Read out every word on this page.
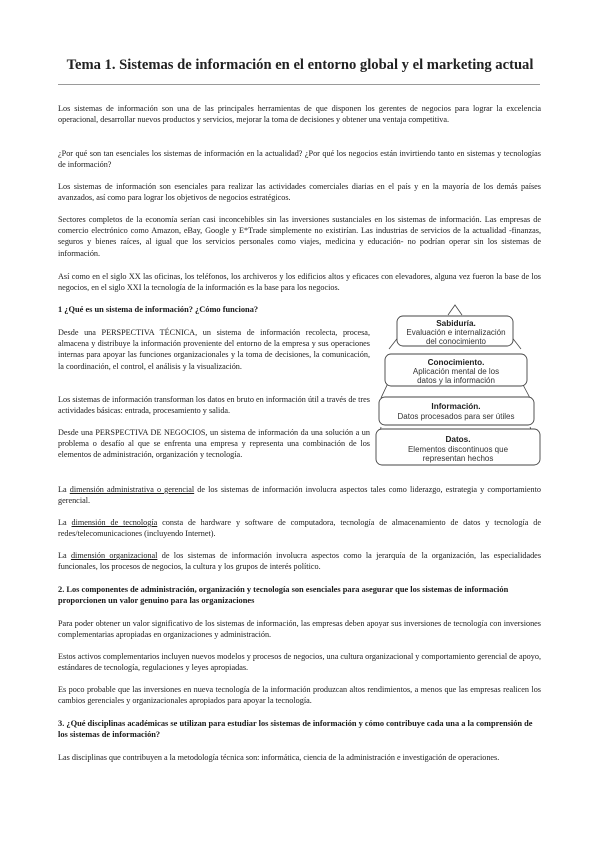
Tema 1. Sistemas de información en el entorno global y el marketing actual
Los sistemas de información son una de las principales herramientas de que disponen los gerentes de negocios para lograr la excelencia operacional, desarrollar nuevos productos y servicios, mejorar la toma de decisiones y obtener una ventaja competitiva.
¿Por qué son tan esenciales los sistemas de información en la actualidad? ¿Por qué los negocios están invirtiendo tanto en sistemas y tecnologías de información?
Los sistemas de información son esenciales para realizar las actividades comerciales diarias en el país y en la mayoría de los demás países avanzados, así como para lograr los objetivos de negocios estratégicos.
Sectores completos de la economía serían casi inconcebibles sin las inversiones sustanciales en los sistemas de información. Las empresas de comercio electrónico como Amazon, eBay, Google y E*Trade simplemente no existirían. Las industrias de servicios de la actualidad -finanzas, seguros y bienes raíces, al igual que los servicios personales como viajes, medicina y educación- no podrían operar sin los sistemas de información.
Así como en el siglo XX las oficinas, los teléfonos, los archiveros y los edificios altos y eficaces con elevadores, alguna vez fueron la base de los negocios, en el siglo XXI la tecnología de la información es la base para los negocios.
1 ¿Qué es un sistema de información? ¿Cómo funciona?
Desde una PERSPECTIVA TÉCNICA, un sistema de información recolecta, procesa, almacena y distribuye la información proveniente del entorno de la empresa y sus operaciones internas para apoyar las funciones organizacionales y la toma de decisiones, la comunicación, la coordinación, el control, el análisis y la visualización.
Los sistemas de información transforman los datos en bruto en información útil a través de tres actividades básicas: entrada, procesamiento y salida.
Desde una PERSPECTIVA DE NEGOCIOS, un sistema de información da una solución a un problema o desafío al que se enfrenta una empresa y representa una combinación de los elementos de administración, organización y tecnología.
Sabiduría.
Evaluación e internalización
del conocimiento
Conocimiento.
Aplicación mental de los
datos y la información
Información.
Datos procesados para ser útiles
Datos.
Elementos discontinuos que
representan hechos
La dimensión administrativa o gerencial de los sistemas de información involucra aspectos tales como liderazgo, estrategia y comportamiento gerencial.
La dimensión de tecnología consta de hardware y software de computadora, tecnología de almacenamiento de datos y tecnología de redes/telecomunicaciones (incluyendo Internet).
La dimensión organizacional de los sistemas de información involucra aspectos como la jerarquía de la organización, las especialidades funcionales, los procesos de negocios, la cultura y los grupos de interés político.
2. Los componentes de administración, organización y tecnología son esenciales para asegurar que los sistemas de información proporcionen un valor genuino para las organizaciones
Para poder obtener un valor significativo de los sistemas de información, las empresas deben apoyar sus inversiones de tecnología con inversiones complementarias apropiadas en organizaciones y administración.
Estos activos complementarios incluyen nuevos modelos y procesos de negocios, una cultura organizacional y comportamiento gerencial de apoyo, estándares de tecnología, regulaciones y leyes apropiadas.
Es poco probable que las inversiones en nueva tecnología de la información produzcan altos rendimientos, a menos que las empresas realicen los cambios gerenciales y organizacionales apropiados para apoyar la tecnología.
3. ¿Qué disciplinas académicas se utilizan para estudiar los sistemas de información y cómo contribuye cada una a la comprensión de los sistemas de información?
Las disciplinas que contribuyen a la metodología técnica son: informática, ciencia de la administración e investigación de operaciones.
